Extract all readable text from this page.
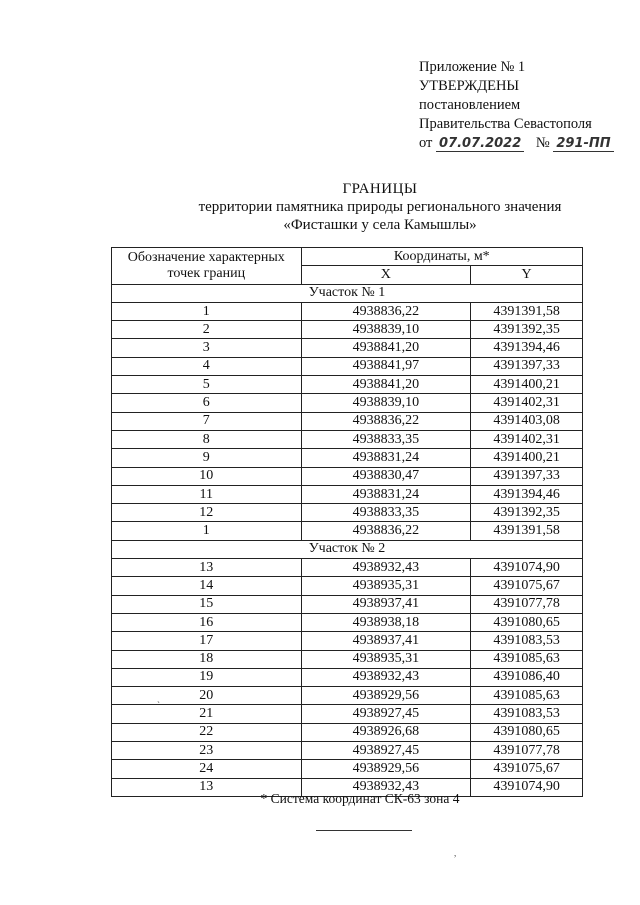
Приложение № 1
УТВЕРЖДЕНЫ
постановлением
Правительства Севастополя
от 07.07.2022 № 291-ПП
ГРАНИЦЫ
территории памятника природы регионального значения
«Фисташки у села Камышлы»
Обозначение характерных точек границ	Координаты, м*	
	X	Y
Участок № 1		
1	4938836,22	4391391,58
2	4938839,10	4391392,35
3	4938841,20	4391394,46
4	4938841,97	4391397,33
5	4938841,20	4391400,21
6	4938839,10	4391402,31
7	4938836,22	4391403,08
8	4938833,35	4391402,31
9	4938831,24	4391400,21
10	4938830,47	4391397,33
11	4938831,24	4391394,46
12	4938833,35	4391392,35
1	4938836,22	4391391,58
Участок № 2		
13	4938932,43	4391074,90
14	4938935,31	4391075,67
15	4938937,41	4391077,78
16	4938938,18	4391080,65
17	4938937,41	4391083,53
18	4938935,31	4391085,63
19	4938932,43	4391086,40
20	4938929,56	4391085,63
21	4938927,45	4391083,53
22	4938926,68	4391080,65
23	4938927,45	4391077,78
24	4938929,56	4391075,67
13	4938932,43	4391074,90
`
* Система координат СК-63 зона 4
,
